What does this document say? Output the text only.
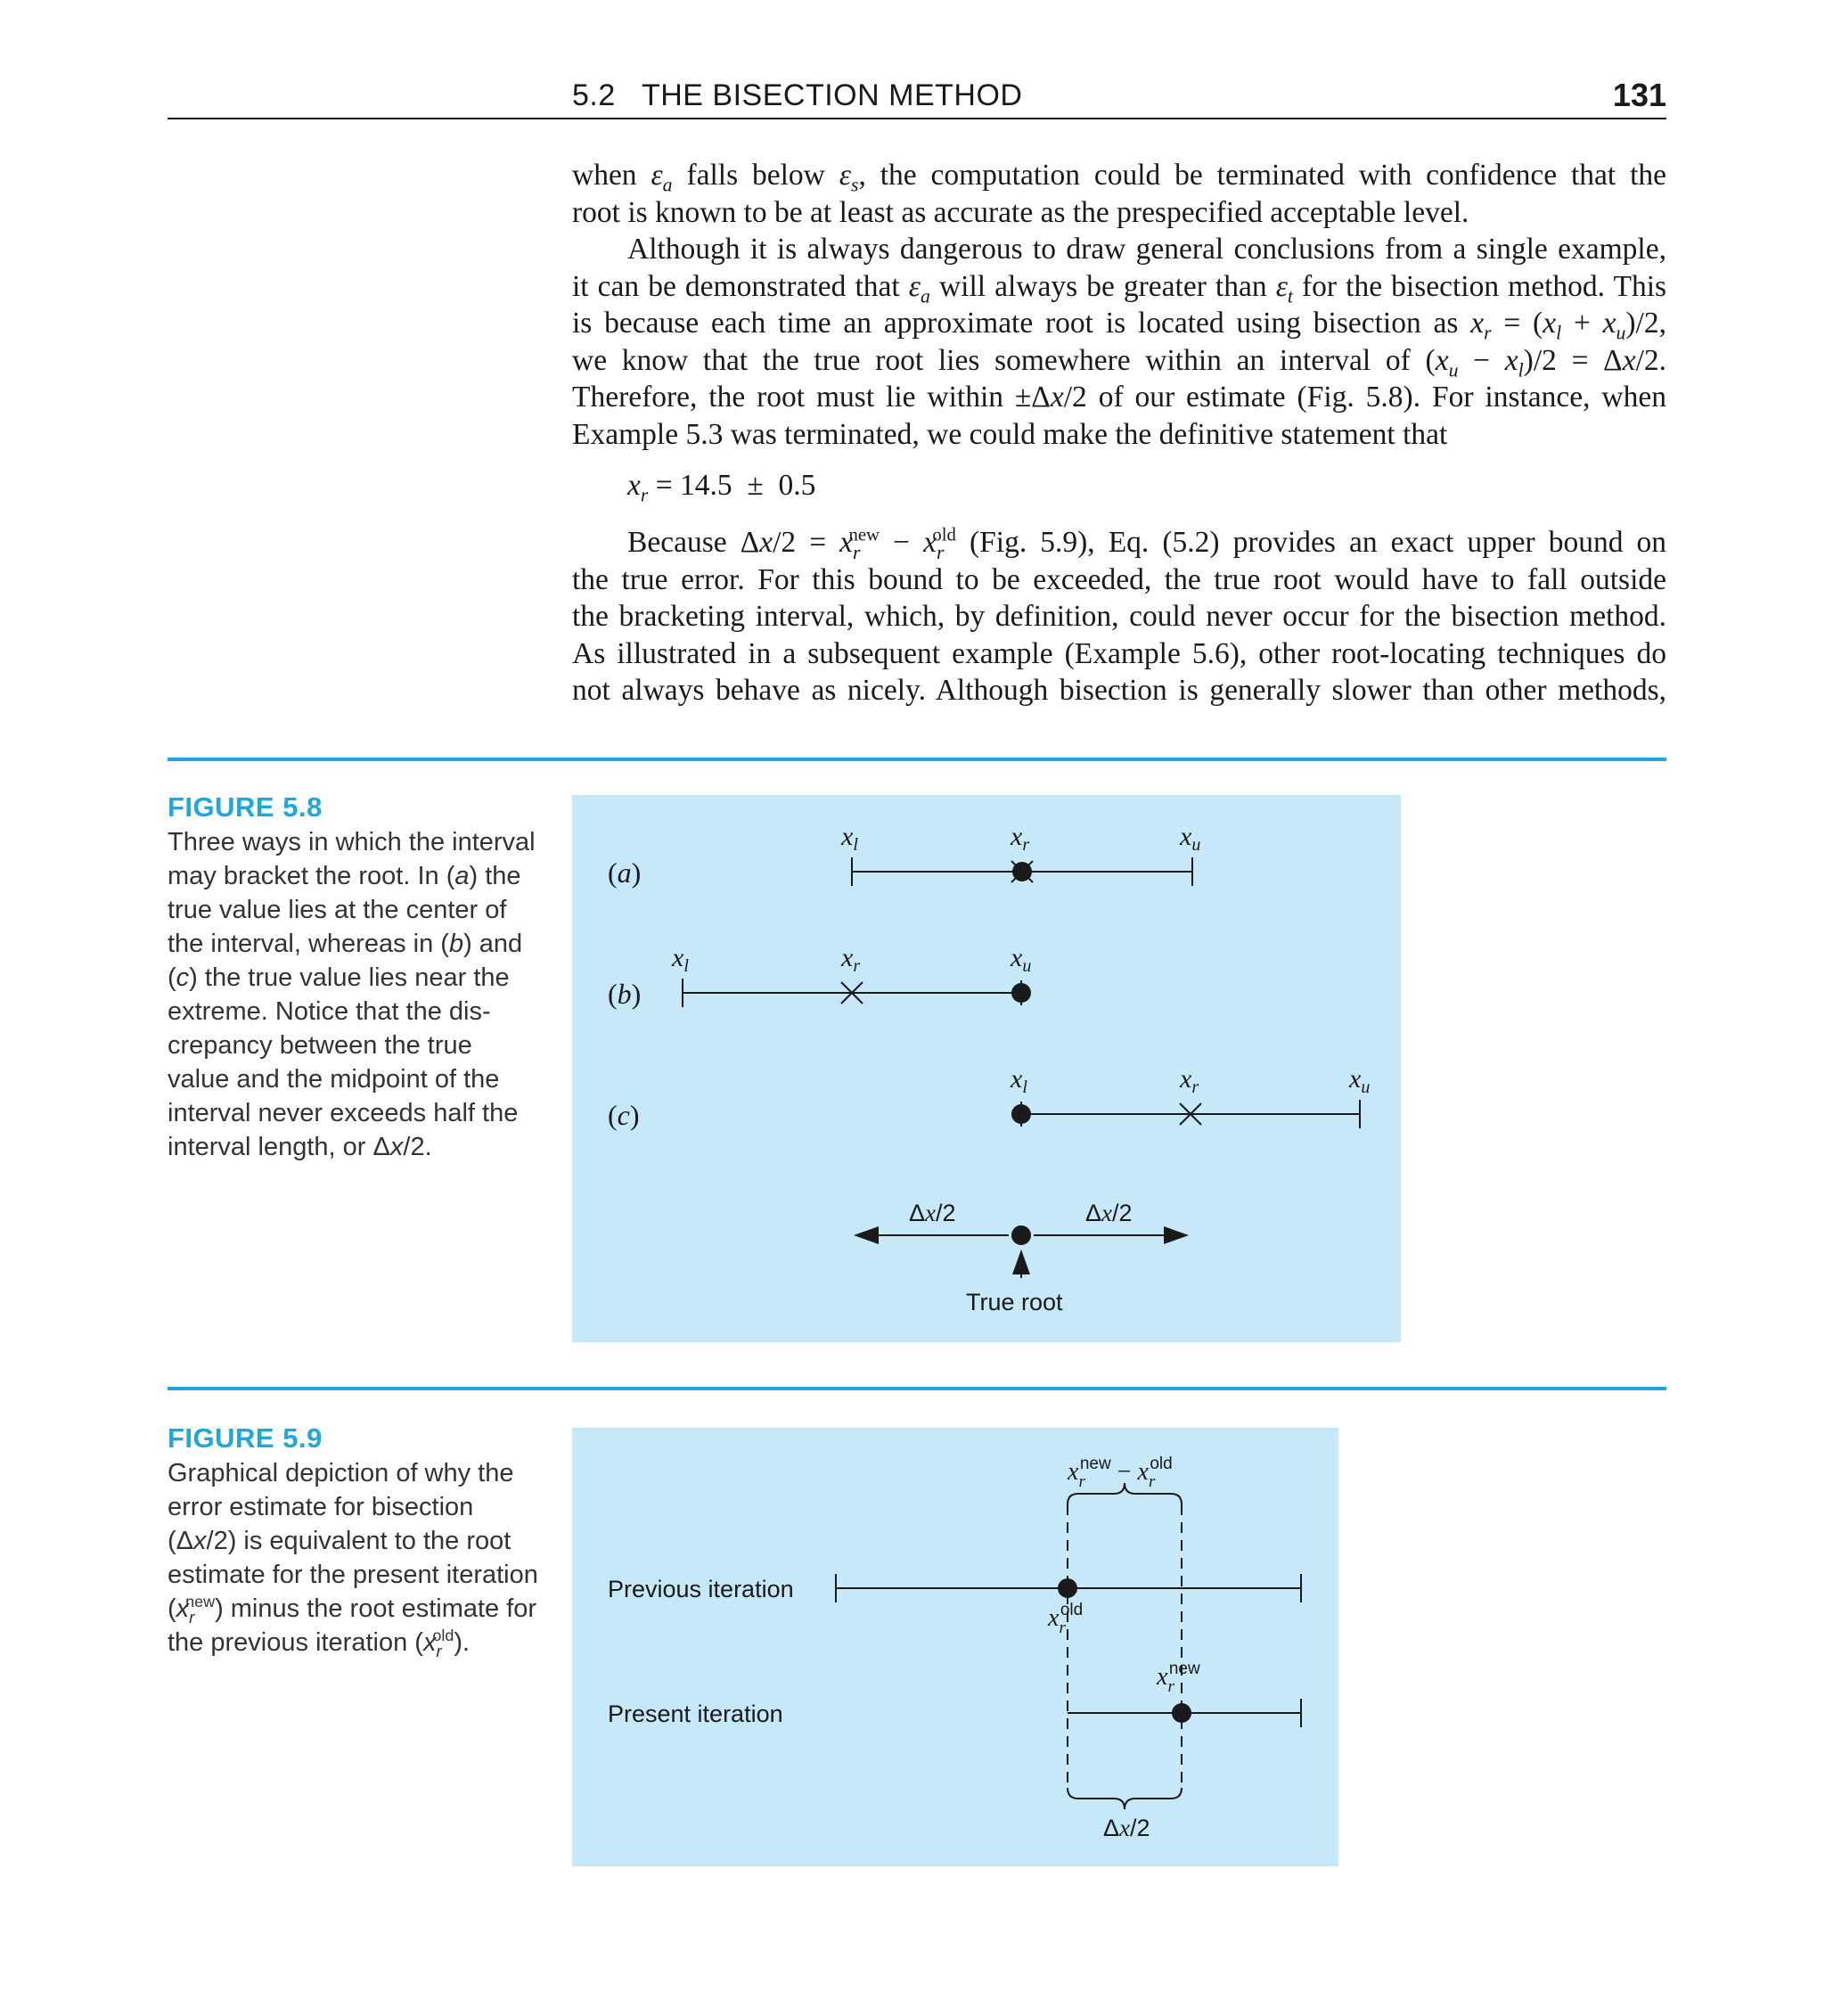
5.2   THE BISECTION METHOD	131
when $\varepsilon_a$ falls below $\varepsilon_s$, the computation could be terminated with confidence that the
root is known to be at least as accurate as the prespecified acceptable level.
Although it is always dangerous to draw general conclusions from a single example,
it can be demonstrated that $\varepsilon_a$ will always be greater than $\varepsilon_t$ for the bisection method. This
is because each time an approximate root is located using bisection as $x_r = (x_l + x_u)/2$,
we know that the true root lies somewhere within an interval of $(x_u - x_l)/2 = \Delta x/2$.
Therefore, the root must lie within ±Δx/2 of our estimate (Fig. 5.8). For instance, when
Example 5.3 was terminated, we could make the definitive statement that
$x_r = 14.5 \pm 0.5$
Because $\Delta x/2 = x_r^{new} - x_r^{old}$ (Fig. 5.9), Eq. (5.2) provides an exact upper bound on
the true error. For this bound to be exceeded, the true root would have to fall outside
the bracketing interval, which, by definition, could never occur for the bisection method.
As illustrated in a subsequent example (Example 5.6), other root-locating techniques do
not always behave as nicely. Although bisection is generally slower than other methods,
FIGURE 5.8
Three ways in which the interval
may bracket the root. In (a) the
true value lies at the center of
the interval, whereas in (b) and
(c) the true value lies near the
extreme. Notice that the dis-
crepancy between the true
value and the midpoint of the
interval never exceeds half the
interval length, or Δx/2.
$x_l$	$x_r$	$x_u$
$x_l$	$x_r$	$x_u$
$x_l$	$x_r$	$x_u$
(a)
(b)
(c)
Δx/2	Δx/2
True root
FIGURE 5.9
Graphical depiction of why the
error estimate for bisection
(Δx/2) is equivalent to the root
estimate for the present iteration
$(x_r^{new})$ minus the root estimate for
the previous iteration $(x_r^{old})$.
Previous iteration
Present iteration
Δx/2
$x_rnew - x_rold$
$x_rold$
$x_rnew$
